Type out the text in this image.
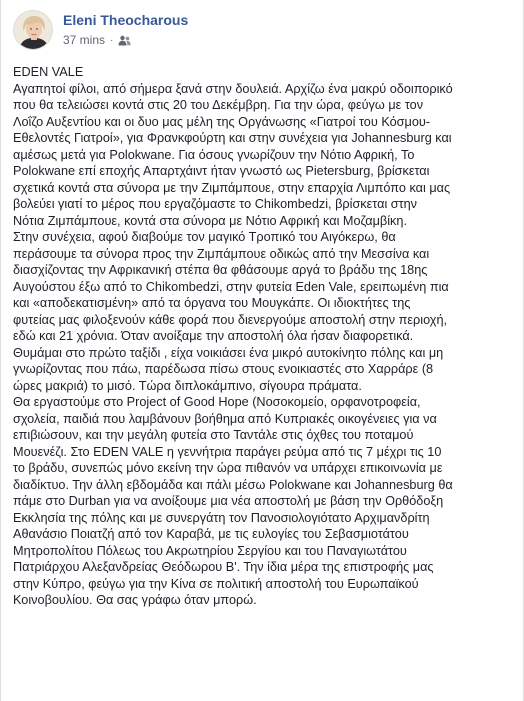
Eleni Theocharous
37 mins ·
EDEN VALE
Αγαπητοί φίλοι, από σήμερα ξανά στην δουλειά. Αρχίζω ένα μακρύ οδοιπορικό
που θα τελειώσει κοντά στις 20 του Δεκέμβρη. Για την ώρα, φεύγω με τον
Λοΐζο Αυξεντίου και οι δυο μας μέλη της Οργάνωσης «Γιατροί του Κόσμου-
Εθελοντές Γιατροί», για Φρανκφούρτη και στην συνέχεια για Johannesburg και
αμέσως μετά για Polokwane. Για όσους γνωρίζουν την Νότιο Αφρική, Το
Polokwane επί εποχής Απαρτχάιντ ήταν γνωστό ως Pietersburg, βρίσκεται
σχετικά κοντά στα σύνορα με την Ζιμπάμπουε, στην επαρχία Λιμπόπο και μας
βολεύει γιατί το μέρος που εργαζόμαστε το Chikombedzi, βρίσκεται στην
Νότια Ζιμπάμπουε, κοντά στα σύνορα με Νότιο Αφρική και Μοζαμβίκη.
Στην συνέχεια, αφού διαβούμε τον μαγικό Τροπικό του Αιγόκερω, θα
περάσουμε τα σύνορα προς την Ζιμπάμπουε οδικώς από την Μεσσίνα και
διασχίζοντας την Αφρικανική στέπα θα φθάσουμε αργά το βράδυ της 18ης
Αυγούστου έξω από το Chikombedzi, στην φυτεία Eden Vale, ερειπωμένη πια
και «αποδεκατισμένη» από τα όργανα του Μουγκάπε. Οι ιδιοκτήτες της
φυτείας μας φιλοξενούν κάθε φορά που διενεργούμε αποστολή στην περιοχή,
εδώ και 21 χρόνια. Όταν ανοίξαμε την αποστολή όλα ήσαν διαφορετικά.
Θυμάμαι στο πρώτο ταξίδι , είχα νοικιάσει ένα μικρό αυτοκίνητο πόλης και μη
γνωρίζοντας που πάω, παρέδωσα πίσω στους ενοικιαστές στο Χαρράρε (8
ώρες μακριά) το μισό. Τώρα διπλοκάμπινο, σίγουρα πράματα.
Θα εργαστούμε στο Project of Good Hope (Νοσοκομείο, ορφανοτροφεία,
σχολεία, παιδιά που λαμβάνουν βοήθημα από Κυπριακές οικογένειες για να
επιβιώσουν, και την μεγάλη φυτεία στο Ταντάλε στις όχθες του ποταμού
Μουενέζι. Στο EDEN VALE η γεννήτρια παράγει ρεύμα από τις 7 μέχρι τις 10
το βράδυ, συνεπώς μόνο εκείνη την ώρα πιθανόν να υπάρχει επικοινωνία με
διαδίκτυο. Την άλλη εβδομάδα και πάλι μέσω Polokwane και Johannesburg θα
πάμε στο Durban για να ανοίξουμε μια νέα αποστολή με βάση την Ορθόδοξη
Εκκλησία της πόλης και με συνεργάτη τον Πανοσιολογιότατο Αρχιμανδρίτη
Αθανάσιο Ποιατζή από τον Καραβά, με τις ευλογίες του Σεβασμιοτάτου
Μητροπολίτου Πόλεως του Ακρωτηρίου Σεργίου και του Παναγιωτάτου
Πατριάρχου Αλεξανδρείας Θεόδωρου Β'. Την ίδια μέρα της επιστροφής μας
στην Κύπρο, φεύγω για την Κίνα σε πολιτική αποστολή του Ευρωπαϊκού
Κοινοβουλίου. Θα σας γράφω όταν μπορώ.
